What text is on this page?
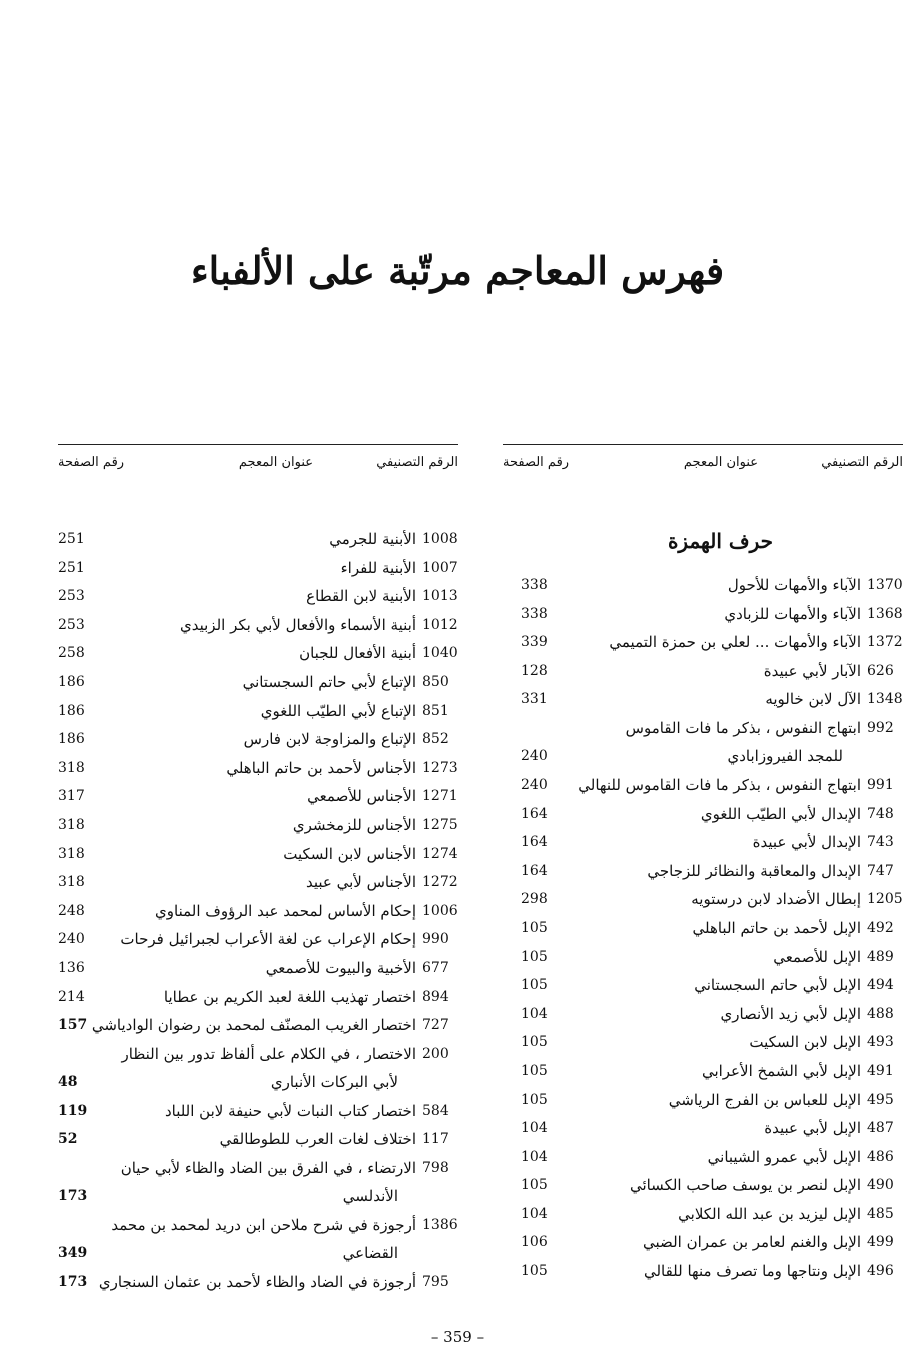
فهرس المعاجم مرتّبة على الألفباء
الرقم التصنيفي
عنوان المعجم
رقم الصفحة
حرف الهمزة
1370
الآباء والأمهات للأحول
338
1368
الآباء والأمهات للزبادي
338
1372
الآباء والأمهات ... لعلي بن حمزة التميمي
339
626
الآبار لأبي عبيدة
128
1348
الآل لابن خالويه
331
992
ابتهاج النفوس ، بذكر ما فات القاموس
للمجد الفيروزابادي
240
991
ابتهاج النفوس ، بذكر ما فات القاموس للنهالي
240
748
الإبدال لأبي الطيّب اللغوي
164
743
الإبدال لأبي عبيدة
164
747
الإبدال والمعاقبة والنظائر للزجاجي
164
1205
إبطال الأضداد لابن درستويه
298
492
الإبل لأحمد بن حاتم الباهلي
105
489
الإبل للأصمعي
105
494
الإبل لأبي حاتم السجستاني
105
488
الإبل لأبي زيد الأنصاري
104
493
الإبل لابن السكيت
105
491
الإبل لأبي الشمخ الأعرابي
105
495
الإبل للعباس بن الفرج الرياشي
105
487
الإبل لأبي عبيدة
104
486
الإبل لأبي عمرو الشيباني
104
490
الإبل لنصر بن يوسف صاحب الكسائي
105
485
الإبل ليزيد بن عبد الله الكلابي
104
499
الإبل والغنم لعامر بن عمران الضبي
106
496
الإبل ونتاجها وما تصرف منها للقالي
105
الرقم التصنيفي
عنوان المعجم
رقم الصفحة
1008
الأبنية للجرمي
251
1007
الأبنية للفراء
251
1013
الأبنية لابن القطاع
253
1012
أبنية الأسماء والأفعال لأبي بكر الزبيدي
253
1040
أبنية الأفعال للجبان
258
850
الإتباع لأبي حاتم السجستاني
186
851
الإتباع لأبي الطيّب اللغوي
186
852
الإتباع والمزاوجة لابن فارس
186
1273
الأجناس لأحمد بن حاتم الباهلي
318
1271
الأجناس للأصمعي
317
1275
الأجناس للزمخشري
318
1274
الأجناس لابن السكيت
318
1272
الأجناس لأبي عبيد
318
1006
إحكام الأساس لمحمد عبد الرؤوف المناوي
248
990
إحكام الإعراب عن لغة الأعراب لجبرائيل فرحات
240
677
الأخبية والبيوت للأصمعي
136
894
اختصار تهذيب اللغة لعبد الكريم بن عطايا
214
727
اختصار الغريب المصنّف لمحمد بن رضوان الوادياشي
157
200
الاختصار ، في الكلام على ألفاظ تدور بين النظار
لأبي البركات الأنباري
48
584
اختصار كتاب النبات لأبي حنيفة لابن اللباد
119
117
اختلاف لغات العرب للطوطالقي
52
798
الارتضاء ، في الفرق بين الضاد والظاء لأبي حيان
الأندلسي
173
1386
أرجوزة في شرح ملاحن ابن دريد لمحمد بن محمد
القضاعي
349
795
أرجوزة في الضاد والظاء لأحمد بن عثمان السنجاري
173
– 359 –
